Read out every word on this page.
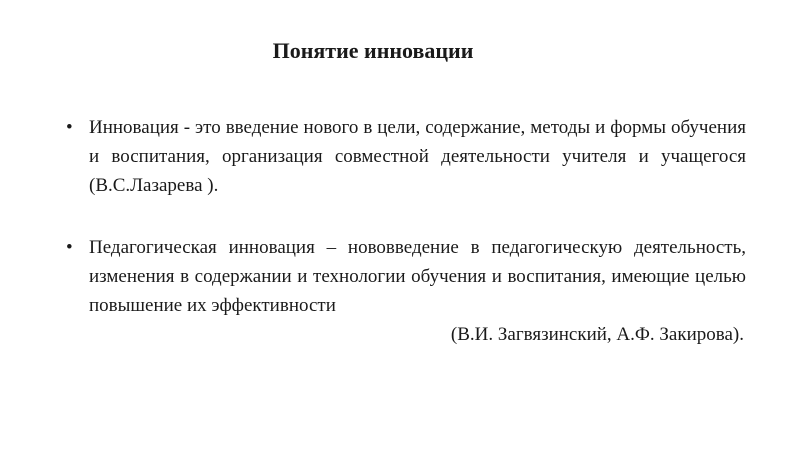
Понятие инновации
• Инновация - это введение нового в цели, содержание, методы и формы обучения и воспитания, организация совместной деятельности учителя и учащегося (В.С.Лазарева ).
• Педагогическая инновация – нововведение в педагогическую деятельность, изменения в содержании и технологии обучения и воспитания, имеющие целью повышение их эффективности
(В.И. Загвязинский, А.Ф. Закирова).
